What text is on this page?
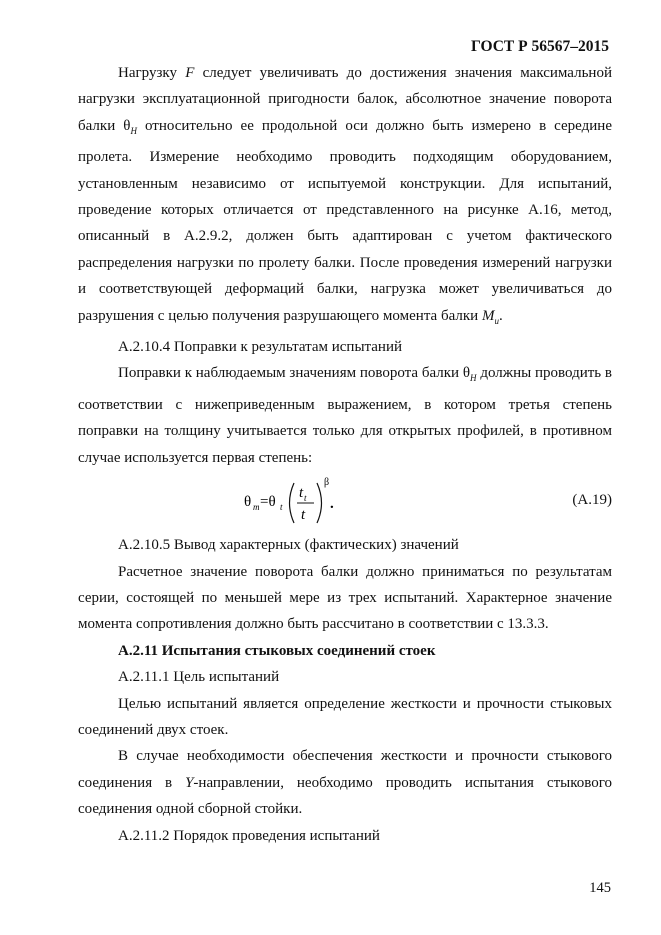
ГОСТ Р 56567–2015

Нагрузку F следует увеличивать до достижения значения максимальной нагрузки эксплуатационной пригодности балок, абсолютное значение поворота балки $\theta_H$ относительно ее продольной оси должно быть измерено в середине пролета. Измерение необходимо проводить подходящим оборудованием, установленным независимо от испытуемой конструкции. Для испытаний, проведение которых отличается от представленного на рисунке А.16, метод, описанный в А.2.9.2, должен быть адаптирован с учетом фактического распределения нагрузки по пролету балки. После проведения измерений нагрузки и соответствующей деформаций балки, нагрузка может увеличиваться до разрушения с целью получения разрушающего момента балки $M_u$.

А.2.10.4 Поправки к результатам испытаний

Поправки к наблюдаемым значениям поворота балки $\theta_H$ должны проводить в соответствии с нижеприведенным выражением, в котором третья степень поправки на толщину учитывается только для открытых профилей, в противном случае используется первая степень:

θ m =θ t
t t
t
β
.	(А.19)

А.2.10.5 Вывод характерных (фактических) значений

Расчетное значение поворота балки должно приниматься по результатам серии, состоящей по меньшей мере из трех испытаний. Характерное значение момента сопротивления должно быть рассчитано в соответствии с 13.3.3.

А.2.11 Испытания стыковых соединений стоек

А.2.11.1 Цель испытаний

Целью испытаний является определение жесткости и прочности стыковых соединений двух стоек.

В случае необходимости обеспечения жесткости и прочности стыкового соединения в Y-направлении, необходимо проводить испытания стыкового соединения одной сборной стойки.

А.2.11.2 Порядок проведения испытаний

145
